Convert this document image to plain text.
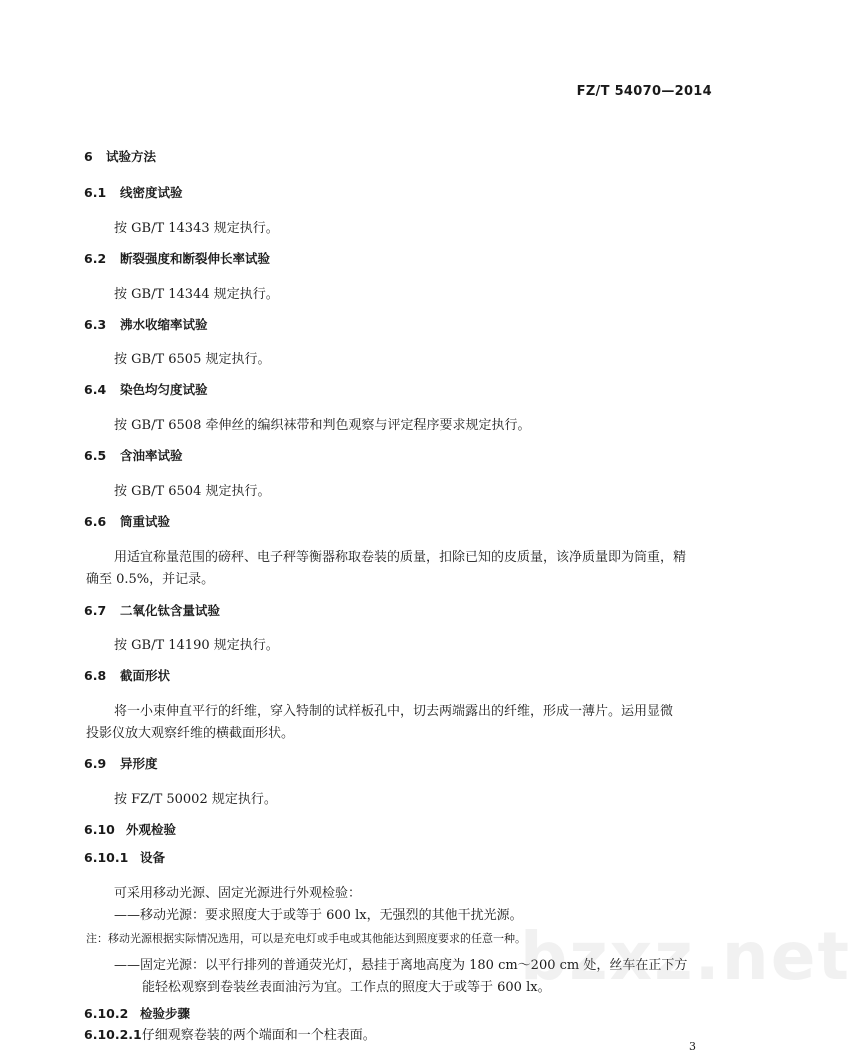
FZ/T 54070—2014
6 试验方法
6.1 线密度试验
按 GB/T 14343 规定执行。
6.2 断裂强度和断裂伸长率试验
按 GB/T 14344 规定执行。
6.3 沸水收缩率试验
按 GB/T 6505 规定执行。
6.4 染色均匀度试验
按 GB/T 6508 牵伸丝的编织袜带和判色观察与评定程序要求规定执行。
6.5 含油率试验
按 GB/T 6504 规定执行。
6.6 筒重试验
用适宜称量范围的磅秤、电子秤等衡器称取卷装的质量，扣除已知的皮质量，该净质量即为筒重，精
确至 0.5%，并记录。
6.7 二氧化钛含量试验
按 GB/T 14190 规定执行。
6.8 截面形状
将一小束伸直平行的纤维，穿入特制的试样板孔中，切去两端露出的纤维，形成一薄片。运用显微
投影仪放大观察纤维的横截面形状。
6.9 异形度
按 FZ/T 50002 规定执行。
6.10 外观检验
6.10.1 设备
可采用移动光源、固定光源进行外观检验：
——移动光源：要求照度大于或等于 600 lx，无强烈的其他干扰光源。
注：移动光源根据实际情况选用，可以是充电灯或手电或其他能达到照度要求的任意一种。
——固定光源：以平行排列的普通荧光灯，悬挂于离地高度为 180 cm～200 cm 处，丝车在正下方
能轻松观察到卷装丝表面油污为宜。工作点的照度大于或等于 600 lx。
6.10.2 检验步骤
6.10.2.1仔细观察卷装的两个端面和一个柱表面。
bzxz.net
3
